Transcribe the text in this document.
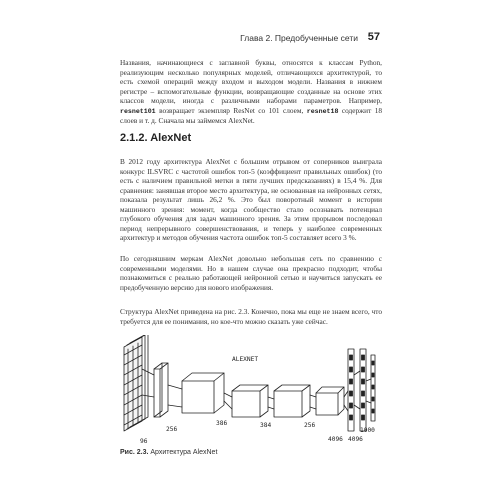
Глава 2. Предобученные сети 57

Названия, начинающиеся с заглавной буквы, относятся к классам Python, реализующим несколько популярных моделей, отличающихся архитектурой, то есть схемой операций между входом и выходом модели. Названия в нижнем регистре – вспомогательные функции, возвращающие созданные на основе этих классов модели, иногда с различными наборами параметров. Например, resnet101 возвращает экземпляр ResNet со 101 слоем, resnet18 содержит 18 слоев и т. д. Сначала мы займемся AlexNet.

2.1.2. AlexNet

В 2012 году архитектура AlexNet с большим отрывом от соперников выиграла конкурс ILSVRC с частотой ошибок топ-5 (коэффициент правильных ошибок) (то есть с наличием правильной метки в пяти лучших предсказаниях) в 15,4 %. Для сравнения: занявшая второе место архитектура, не основанная на нейронных сетях, показала результат лишь 26,2 %. Это был поворотный момент в истории машинного зрения: момент, когда сообщество стало осознавать потенциал глубокого обучения для задач машинного зрения. За этим прорывом последовал период непрерывного совершенствования, и теперь у наиболее современных архитектур и методов обучения частота ошибок топ-5 составляет всего 3 %.

По сегодняшним меркам AlexNet довольно небольшая сеть по сравнению с современными моделями. Но в нашем случае она прекрасно подходит, чтобы познакомиться с реально работающей нейронной сетью и научиться запускать ее предобученную версию для нового изображения.

Структура AlexNet приведена на рис. 2.3. Конечно, пока мы еще не знаем всего, что требуется для ее понимания, но кое-что можно сказать уже сейчас.

ALEXNET
96
256
386	384	256
4096 4096
1000

Рис. 2.3. Архитектура AlexNet
